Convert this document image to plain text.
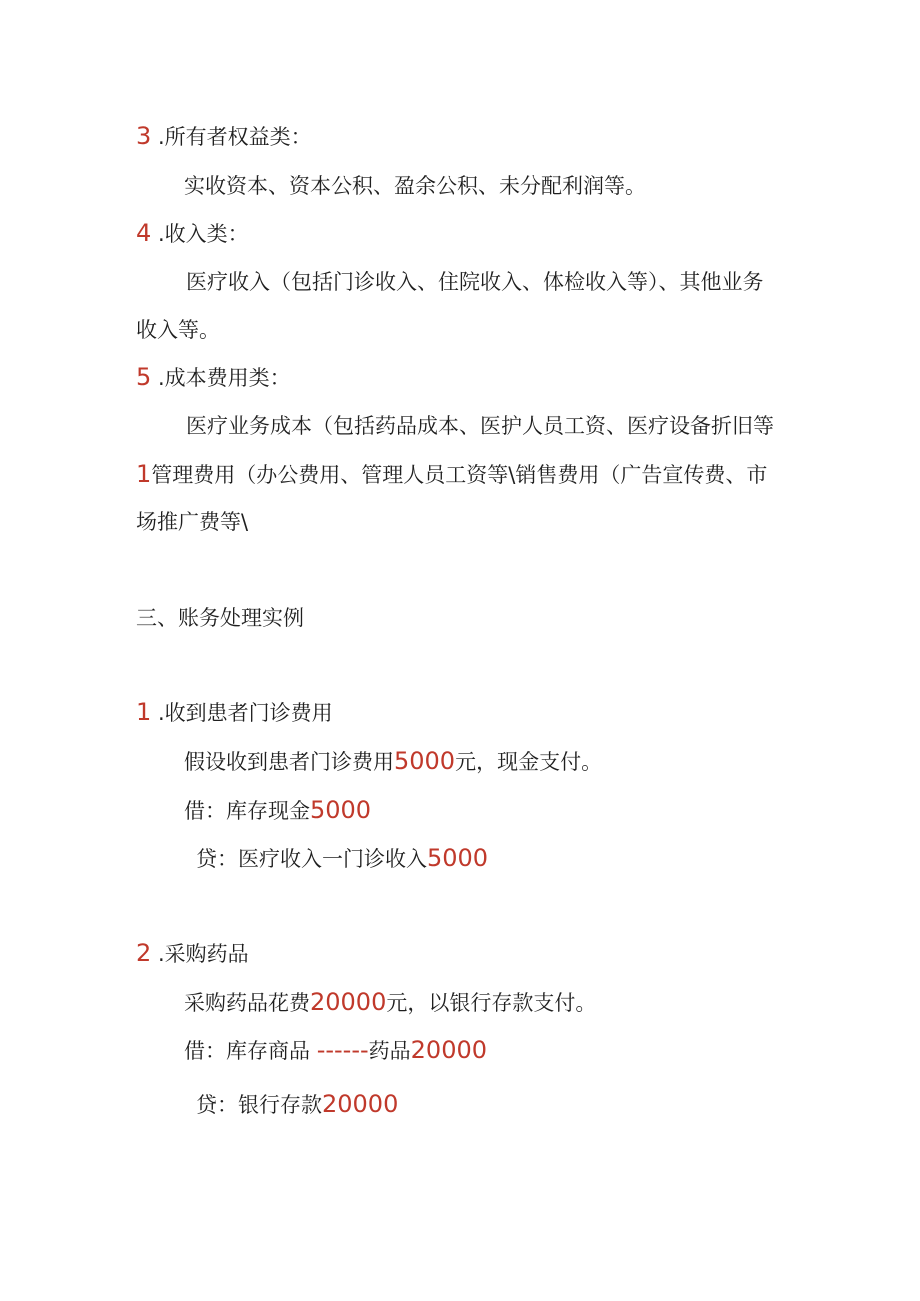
3 .所有者权益类：
实收资本、资本公积、盈余公积、未分配利润等。
4 .收入类：
医疗收入（包括门诊收入、住院收入、体检收入等）、其他业务
收入等。
5 .成本费用类：
医疗业务成本（包括药品成本、医护人员工资、医疗设备折旧等
1管理费用（办公费用、管理人员工资等\销售费用（广告宣传费、市
场推广费等\
三、账务处理实例
1 .收到患者门诊费用
假设收到患者门诊费用5000元，现金支付。
借：库存现金5000
贷：医疗收入一门诊收入5000
2 .采购药品
采购药品花费20000元，以银行存款支付。
借：库存商品 ------药品20000
贷：银行存款20000
